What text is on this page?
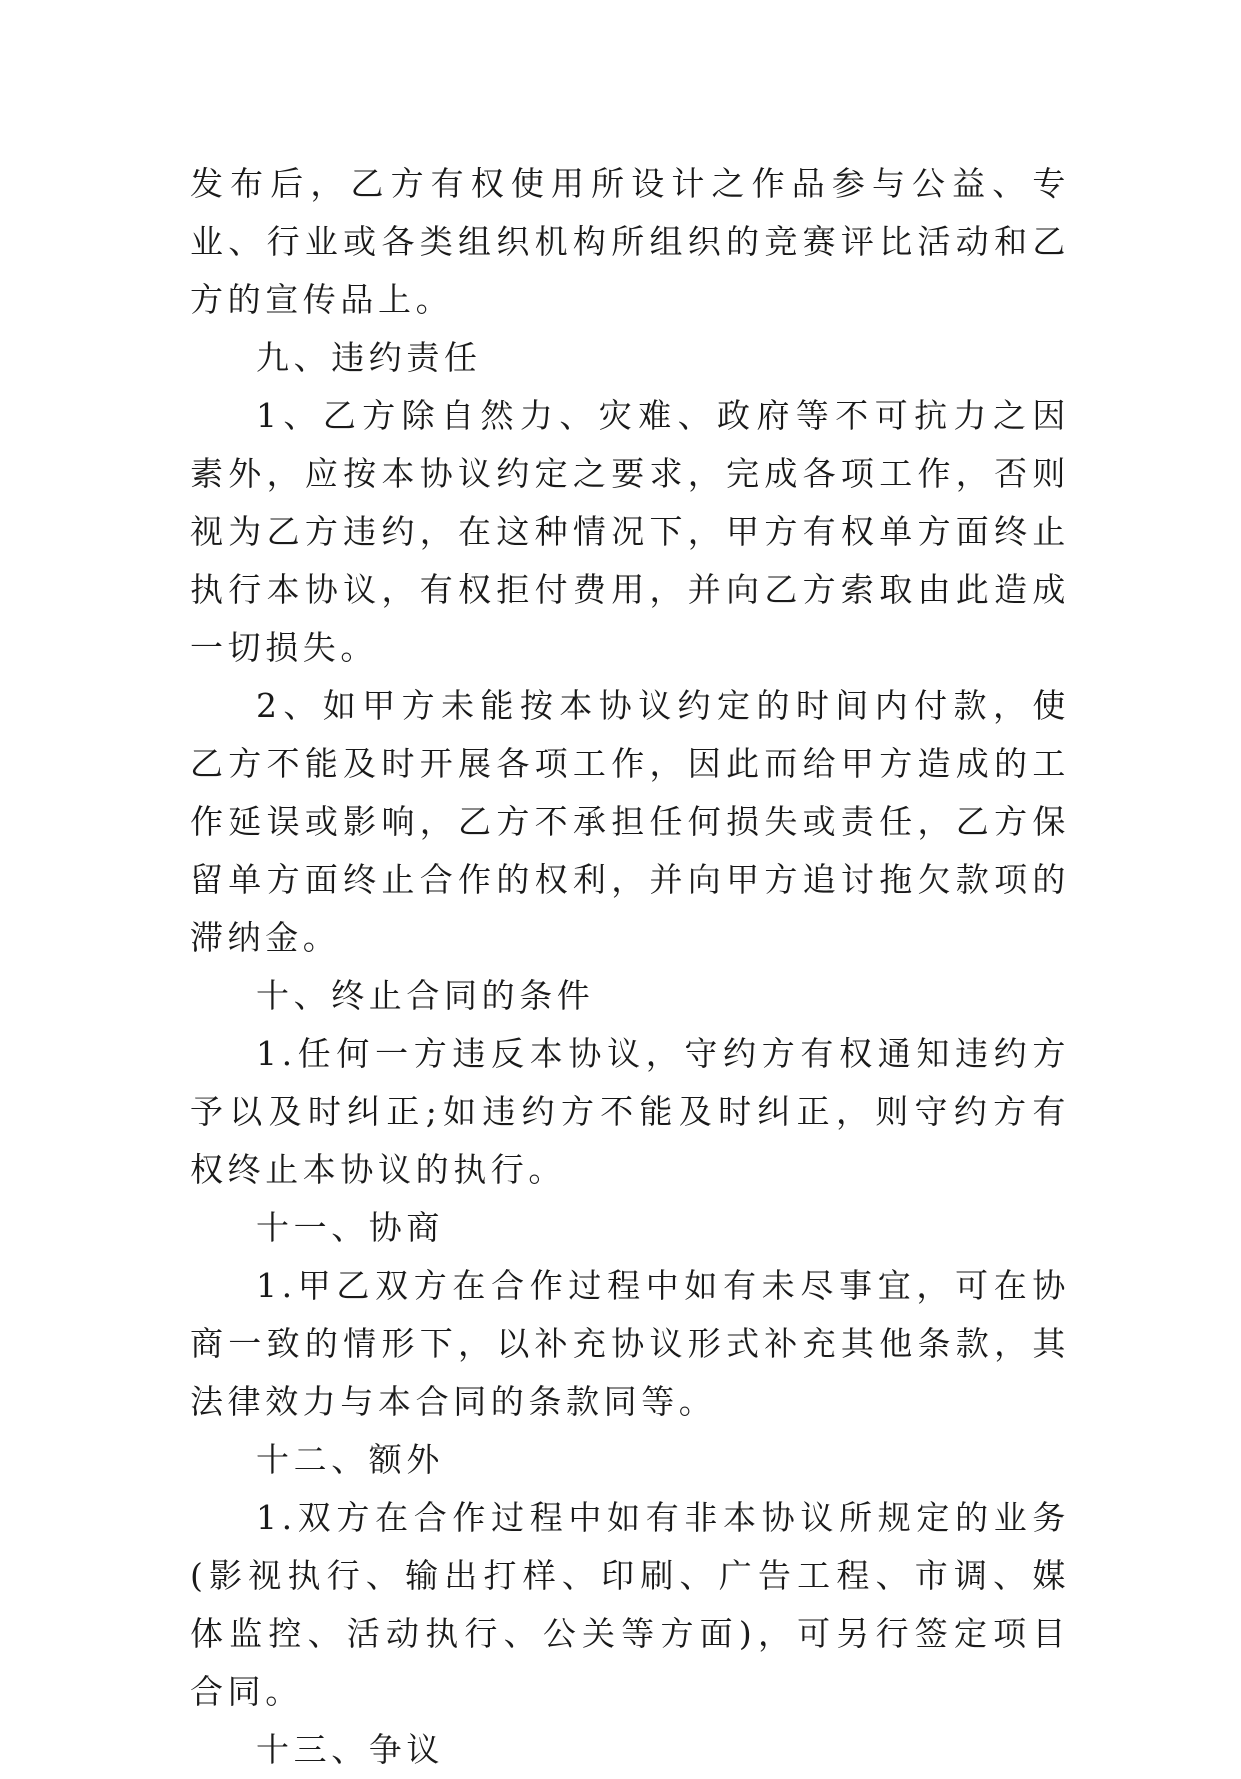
发布后，乙方有权使用所设计之作品参与公益、专业、行业或各类组织机构所组织的竞赛评比活动和乙方的宣传品上。

九、违约责任

1、乙方除自然力、灾难、政府等不可抗力之因素外，应按本协议约定之要求，完成各项工作，否则视为乙方违约，在这种情况下，甲方有权单方面终止执行本协议，有权拒付费用，并向乙方索取由此造成一切损失。

2、如甲方未能按本协议约定的时间内付款，使乙方不能及时开展各项工作，因此而给甲方造成的工作延误或影响，乙方不承担任何损失或责任，乙方保留单方面终止合作的权利，并向甲方追讨拖欠款项的滞纳金。

十、终止合同的条件

1.任何一方违反本协议，守约方有权通知违约方予以及时纠正;如违约方不能及时纠正，则守约方有权终止本协议的执行。

十一、协商

1.甲乙双方在合作过程中如有未尽事宜，可在协商一致的情形下，以补充协议形式补充其他条款，其法律效力与本合同的条款同等。

十二、额外

1.双方在合作过程中如有非本协议所规定的业务(影视执行、输出打样、印刷、广告工程、市调、媒体监控、活动执行、公关等方面)，可另行签定项目合同。

十三、争议
